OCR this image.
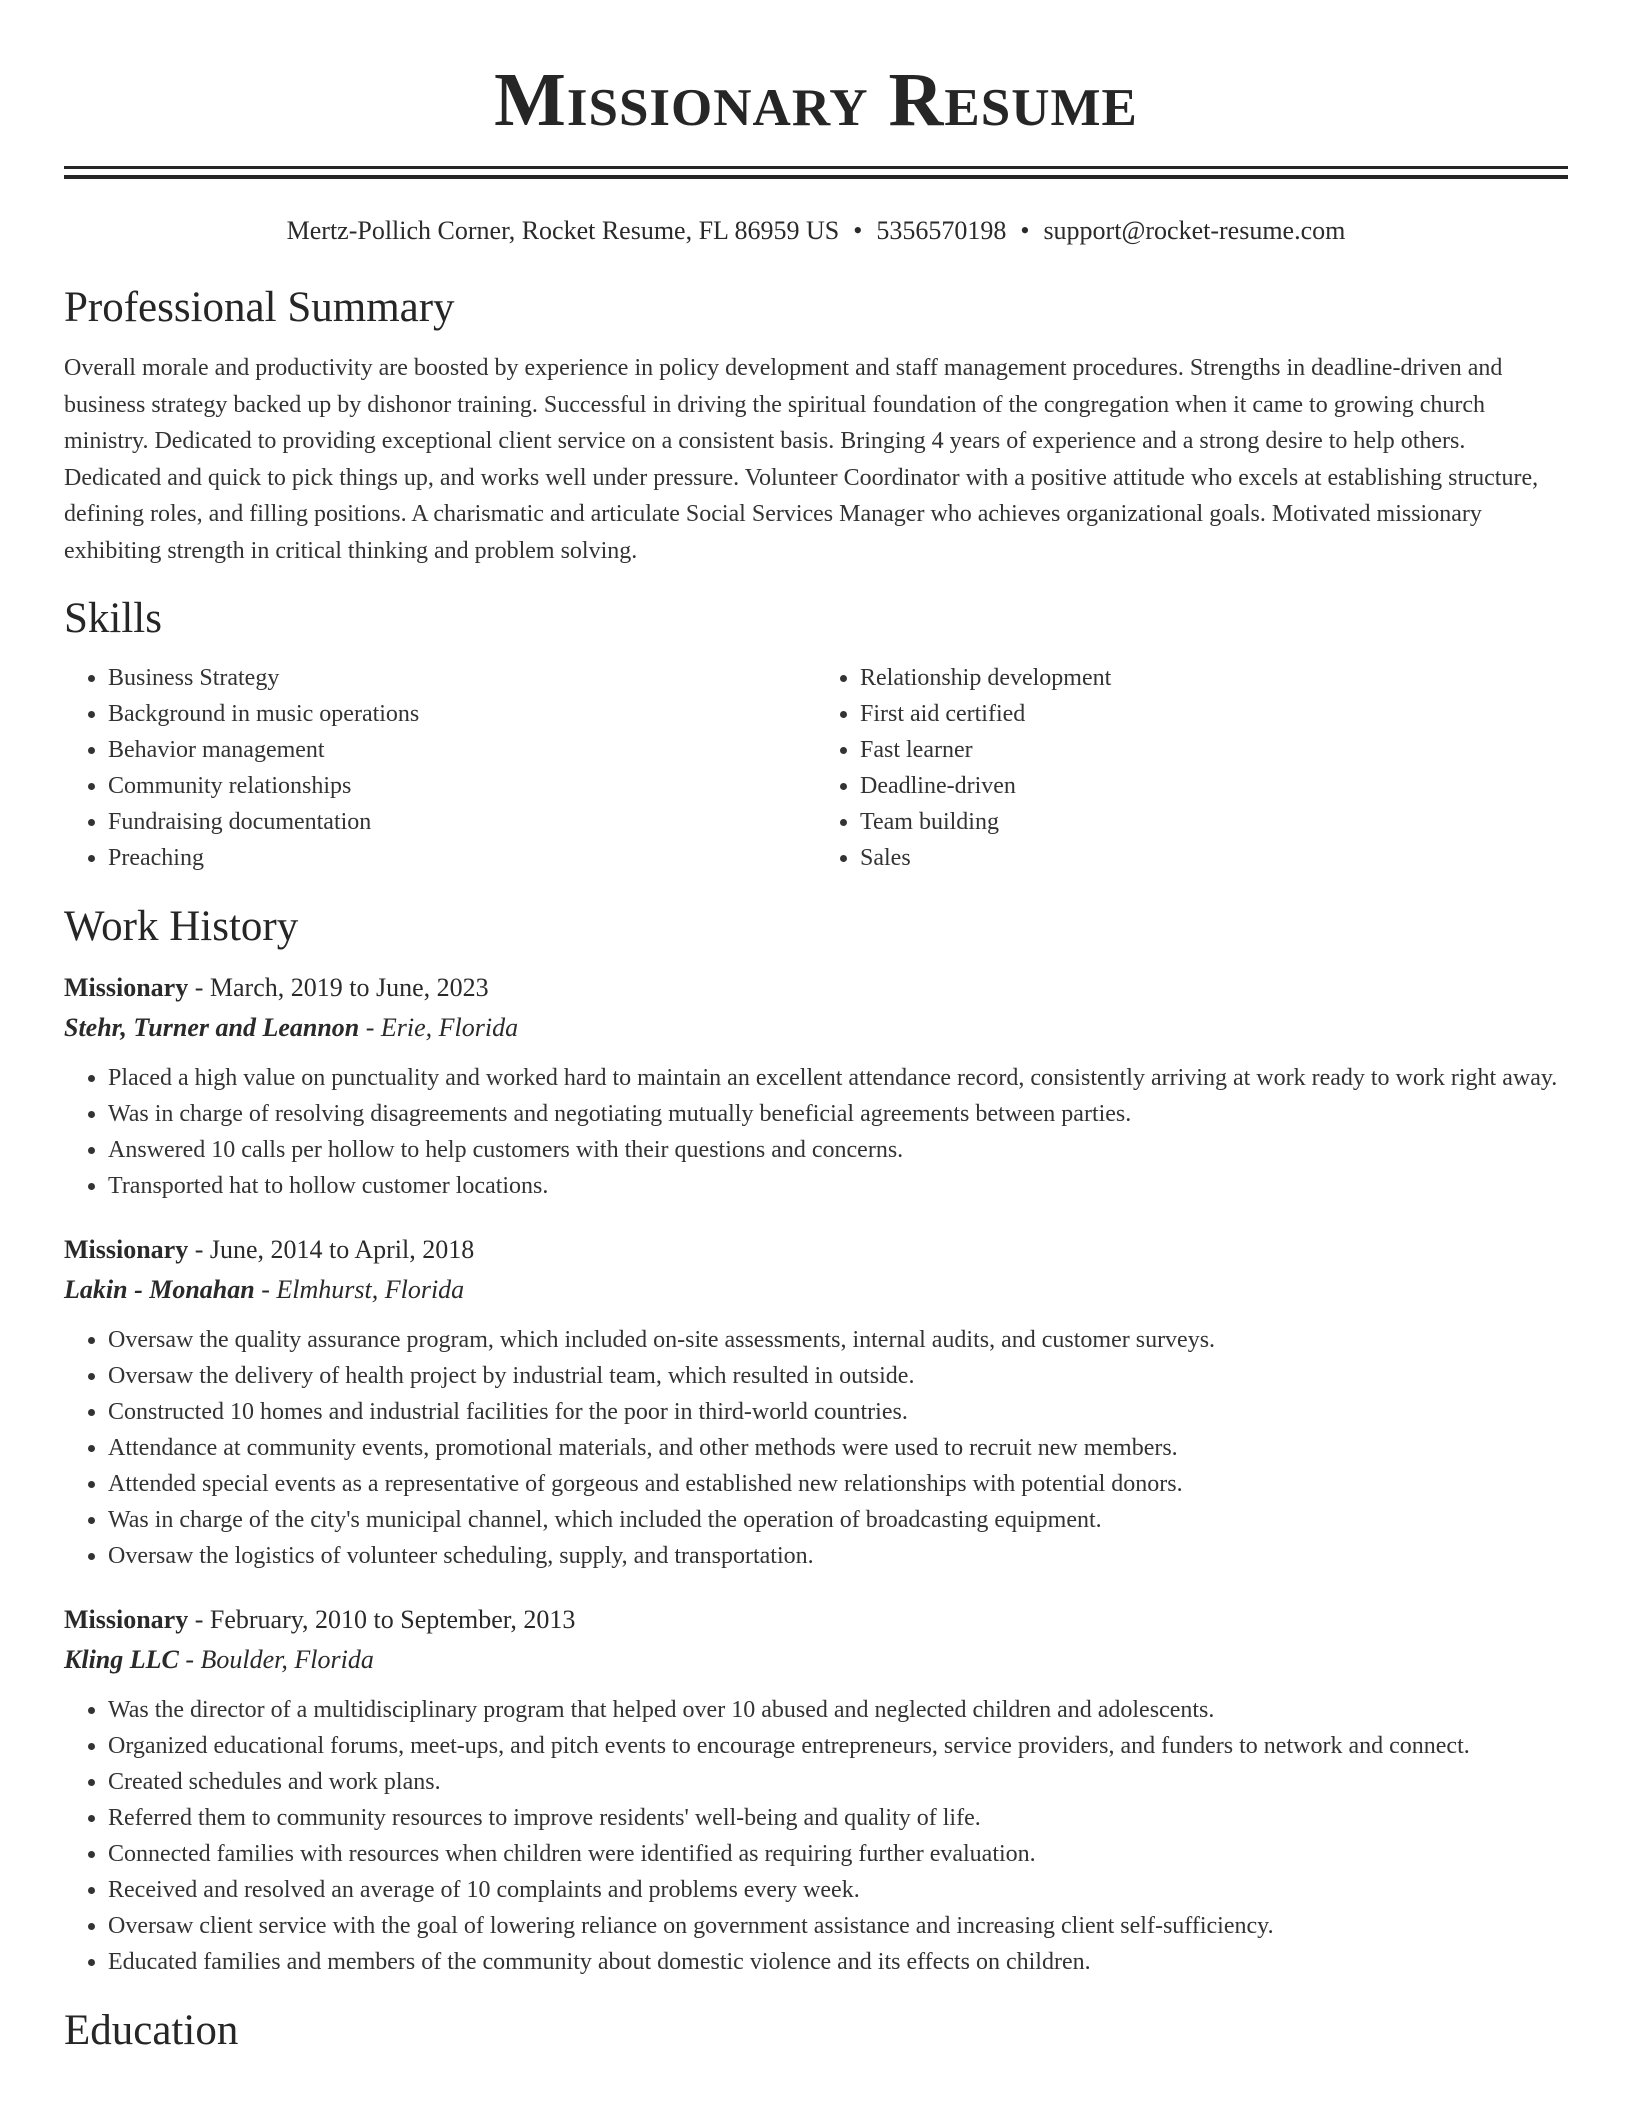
Missionary Resume
Mertz-Pollich Corner, Rocket Resume, FL 86959 US • 5356570198 • support@rocket-resume.com
Professional Summary

Overall morale and productivity are boosted by experience in policy development and staff management procedures. Strengths in deadline-driven and business strategy backed up by dishonor training. Successful in driving the spiritual foundation of the congregation when it came to growing church ministry. Dedicated to providing exceptional client service on a consistent basis. Bringing 4 years of experience and a strong desire to help others. Dedicated and quick to pick things up, and works well under pressure. Volunteer Coordinator with a positive attitude who excels at establishing structure, defining roles, and filling positions. A charismatic and articulate Social Services Manager who achieves organizational goals. Motivated missionary exhibiting strength in critical thinking and problem solving.

Skills
• Business Strategy
• Background in music operations
• Behavior management
• Community relationships
• Fundraising documentation
• Preaching
• Relationship development
• First aid certified
• Fast learner
• Deadline-driven
• Team building
• Sales
Work History
Missionary - March, 2019 to June, 2023
Stehr, Turner and Leannon - Erie, Florida
• Placed a high value on punctuality and worked hard to maintain an excellent attendance record, consistently arriving at work ready to work right away.
• Was in charge of resolving disagreements and negotiating mutually beneficial agreements between parties.
• Answered 10 calls per hollow to help customers with their questions and concerns.
• Transported hat to hollow customer locations.
Missionary - June, 2014 to April, 2018
Lakin - Monahan - Elmhurst, Florida
• Oversaw the quality assurance program, which included on-site assessments, internal audits, and customer surveys.
• Oversaw the delivery of health project by industrial team, which resulted in outside.
• Constructed 10 homes and industrial facilities for the poor in third-world countries.
• Attendance at community events, promotional materials, and other methods were used to recruit new members.
• Attended special events as a representative of gorgeous and established new relationships with potential donors.
• Was in charge of the city's municipal channel, which included the operation of broadcasting equipment.
• Oversaw the logistics of volunteer scheduling, supply, and transportation.
Missionary - February, 2010 to September, 2013
Kling LLC - Boulder, Florida
• Was the director of a multidisciplinary program that helped over 10 abused and neglected children and adolescents.
• Organized educational forums, meet-ups, and pitch events to encourage entrepreneurs, service providers, and funders to network and connect.
• Created schedules and work plans.
• Referred them to community resources to improve residents' well-being and quality of life.
• Connected families with resources when children were identified as requiring further evaluation.
• Received and resolved an average of 10 complaints and problems every week.
• Oversaw client service with the goal of lowering reliance on government assistance and increasing client self-sufficiency.
• Educated families and members of the community about domestic violence and its effects on children.
Education
